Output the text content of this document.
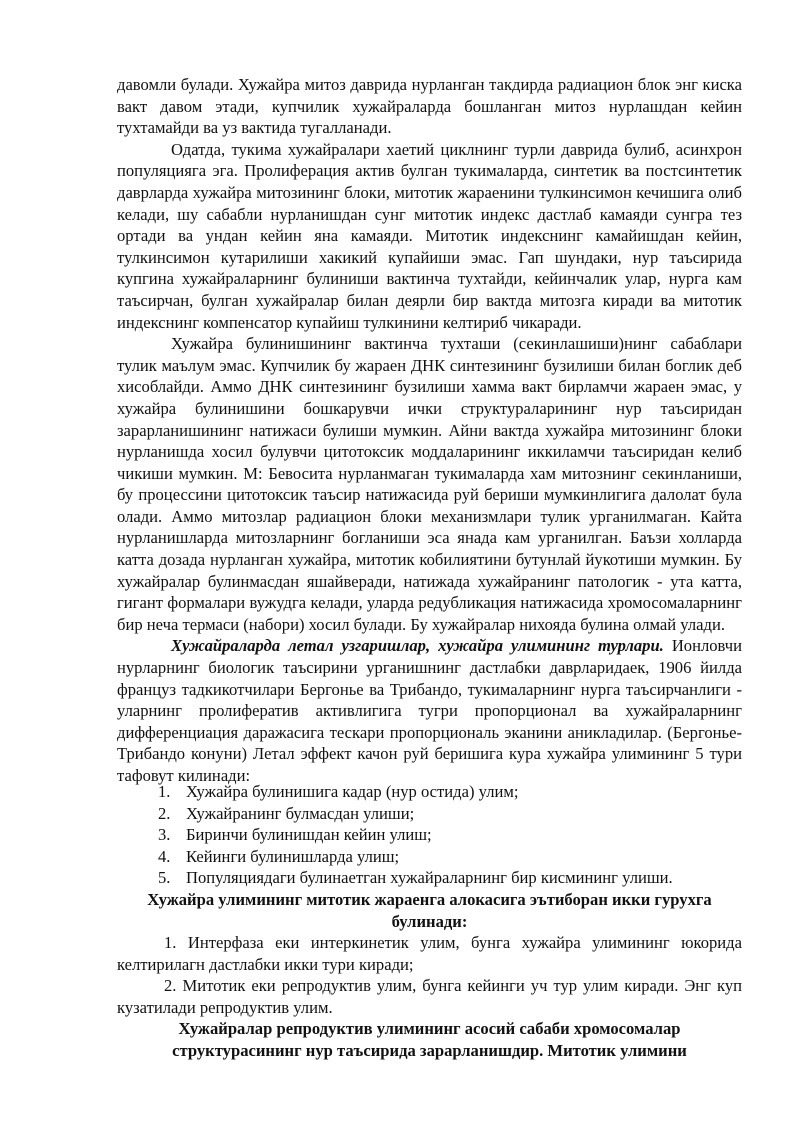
давомли булади. Хужайра митоз даврида нурланган такдирда радиацион блок энг киска вакт давом этади, купчилик хужайраларда бошланган митоз нурлашдан кейин тухтамайди ва уз вактида тугалланади.

Одатда, тукима хужайралари хаетий циклнинг турли даврида булиб, асинхрон популяцияга эга. Пролиферация актив булган тукималарда, синтетик ва постсинтетик даврларда хужайра митозининг блоки, митотик жараенини тулкинсимон кечишига олиб келади, шу сабабли нурланишдан сунг митотик индекс дастлаб камаяди сунгра тез ортади ва ундан кейин яна камаяди. Митотик индекснинг камайишдан кейин, тулкинсимон кутарилиши хакикий купайиши эмас. Гап шундаки, нур таъсирида купгина хужайраларнинг булиниши вактинча тухтайди, кейинчалик улар, нурга кам таъсирчан, булган хужайралар билан деярли бир вактда митозга киради ва митотик индекснинг компенсатор купайиш тулкинини келтириб чикаради.

Хужайра булинишининг вактинча тухташи (секинлашиши)нинг сабаблари тулик маълум эмас. Купчилик бу жараен ДНК синтезининг бузилиши билан боглик деб хисоблайди. Аммо ДНК синтезининг бузилиши хамма вакт бирламчи жараен эмас, у хужайра булинишини бошкарувчи ички структураларининг нур таъсиридан зарарланишининг натижаси булиши мумкин. Айни вактда хужайра митозининг блоки нурланишда хосил булувчи цитотоксик моддаларининг иккиламчи таъсиридан келиб чикиши мумкин. М: Бевосита нурланмаган тукималарда хам митознинг секинланиши, бу процессини цитотоксик таъсир натижасида руй бериши мумкинлигига далолат була олади. Аммо митозлар радиацион блоки механизмлари тулик урганилмаган. Кайта нурланишларда митозларнинг богланиши эса янада кам урганилган. Баъзи холларда катта дозада нурланган хужайра, митотик кобилиятини бутунлай йукотиши мумкин. Бу хужайралар булинмасдан яшайверади, натижада хужайранинг патологик - ута катта, гигант формалари вужудга келади, уларда редубликация натижасида хромосомаларнинг бир неча термаси (набори) хосил булади. Бу хужайралар нихояда булина олмай улади.

Хужайраларда летал узгаришлар, хужайра улимининг турлари. Ионловчи нурларнинг биологик таъсирини урганишнинг дастлабки даврларидаек, 1906 йилда француз тадкикотчилари Бергонье ва Трибандо, тукималарнинг нурга таъсирчанлиги - уларнинг пролифератив активлигига тугри пропорционал ва хужайраларнинг дифференциация даражасига тескари пропорциональ эканини аникладилар. (Бергонье-Трибандо конуни) Летал эффект качон руй беришига кура хужайра улимининг 5 тури тафовут килинади:

1. Хужайра булинишига кадар (нур остида) улим;
2. Хужайранинг булмасдан улиши;
3. Биринчи булинишдан кейин улиш;
4. Кейинги булинишларда улиш;
5. Популяциядаги булинаетган хужайраларнинг бир кисмининг улиши.
Хужайра улимининг митотик жараенга алокасига эътиборан икки гурухга булинади:

1. Интерфаза еки интеркинетик улим, бунга хужайра улимининг юкорида келтирилагн дастлабки икки тури киради;

2. Митотик еки репродуктив улим, бунга кейинги уч тур улим киради. Энг куп кузатилади репродуктив улим.

Хужайралар репродуктив улимининг асосий сабаби хромосомалар структурасининг нур таъсирида зарарланишдир. Митотик улимини
